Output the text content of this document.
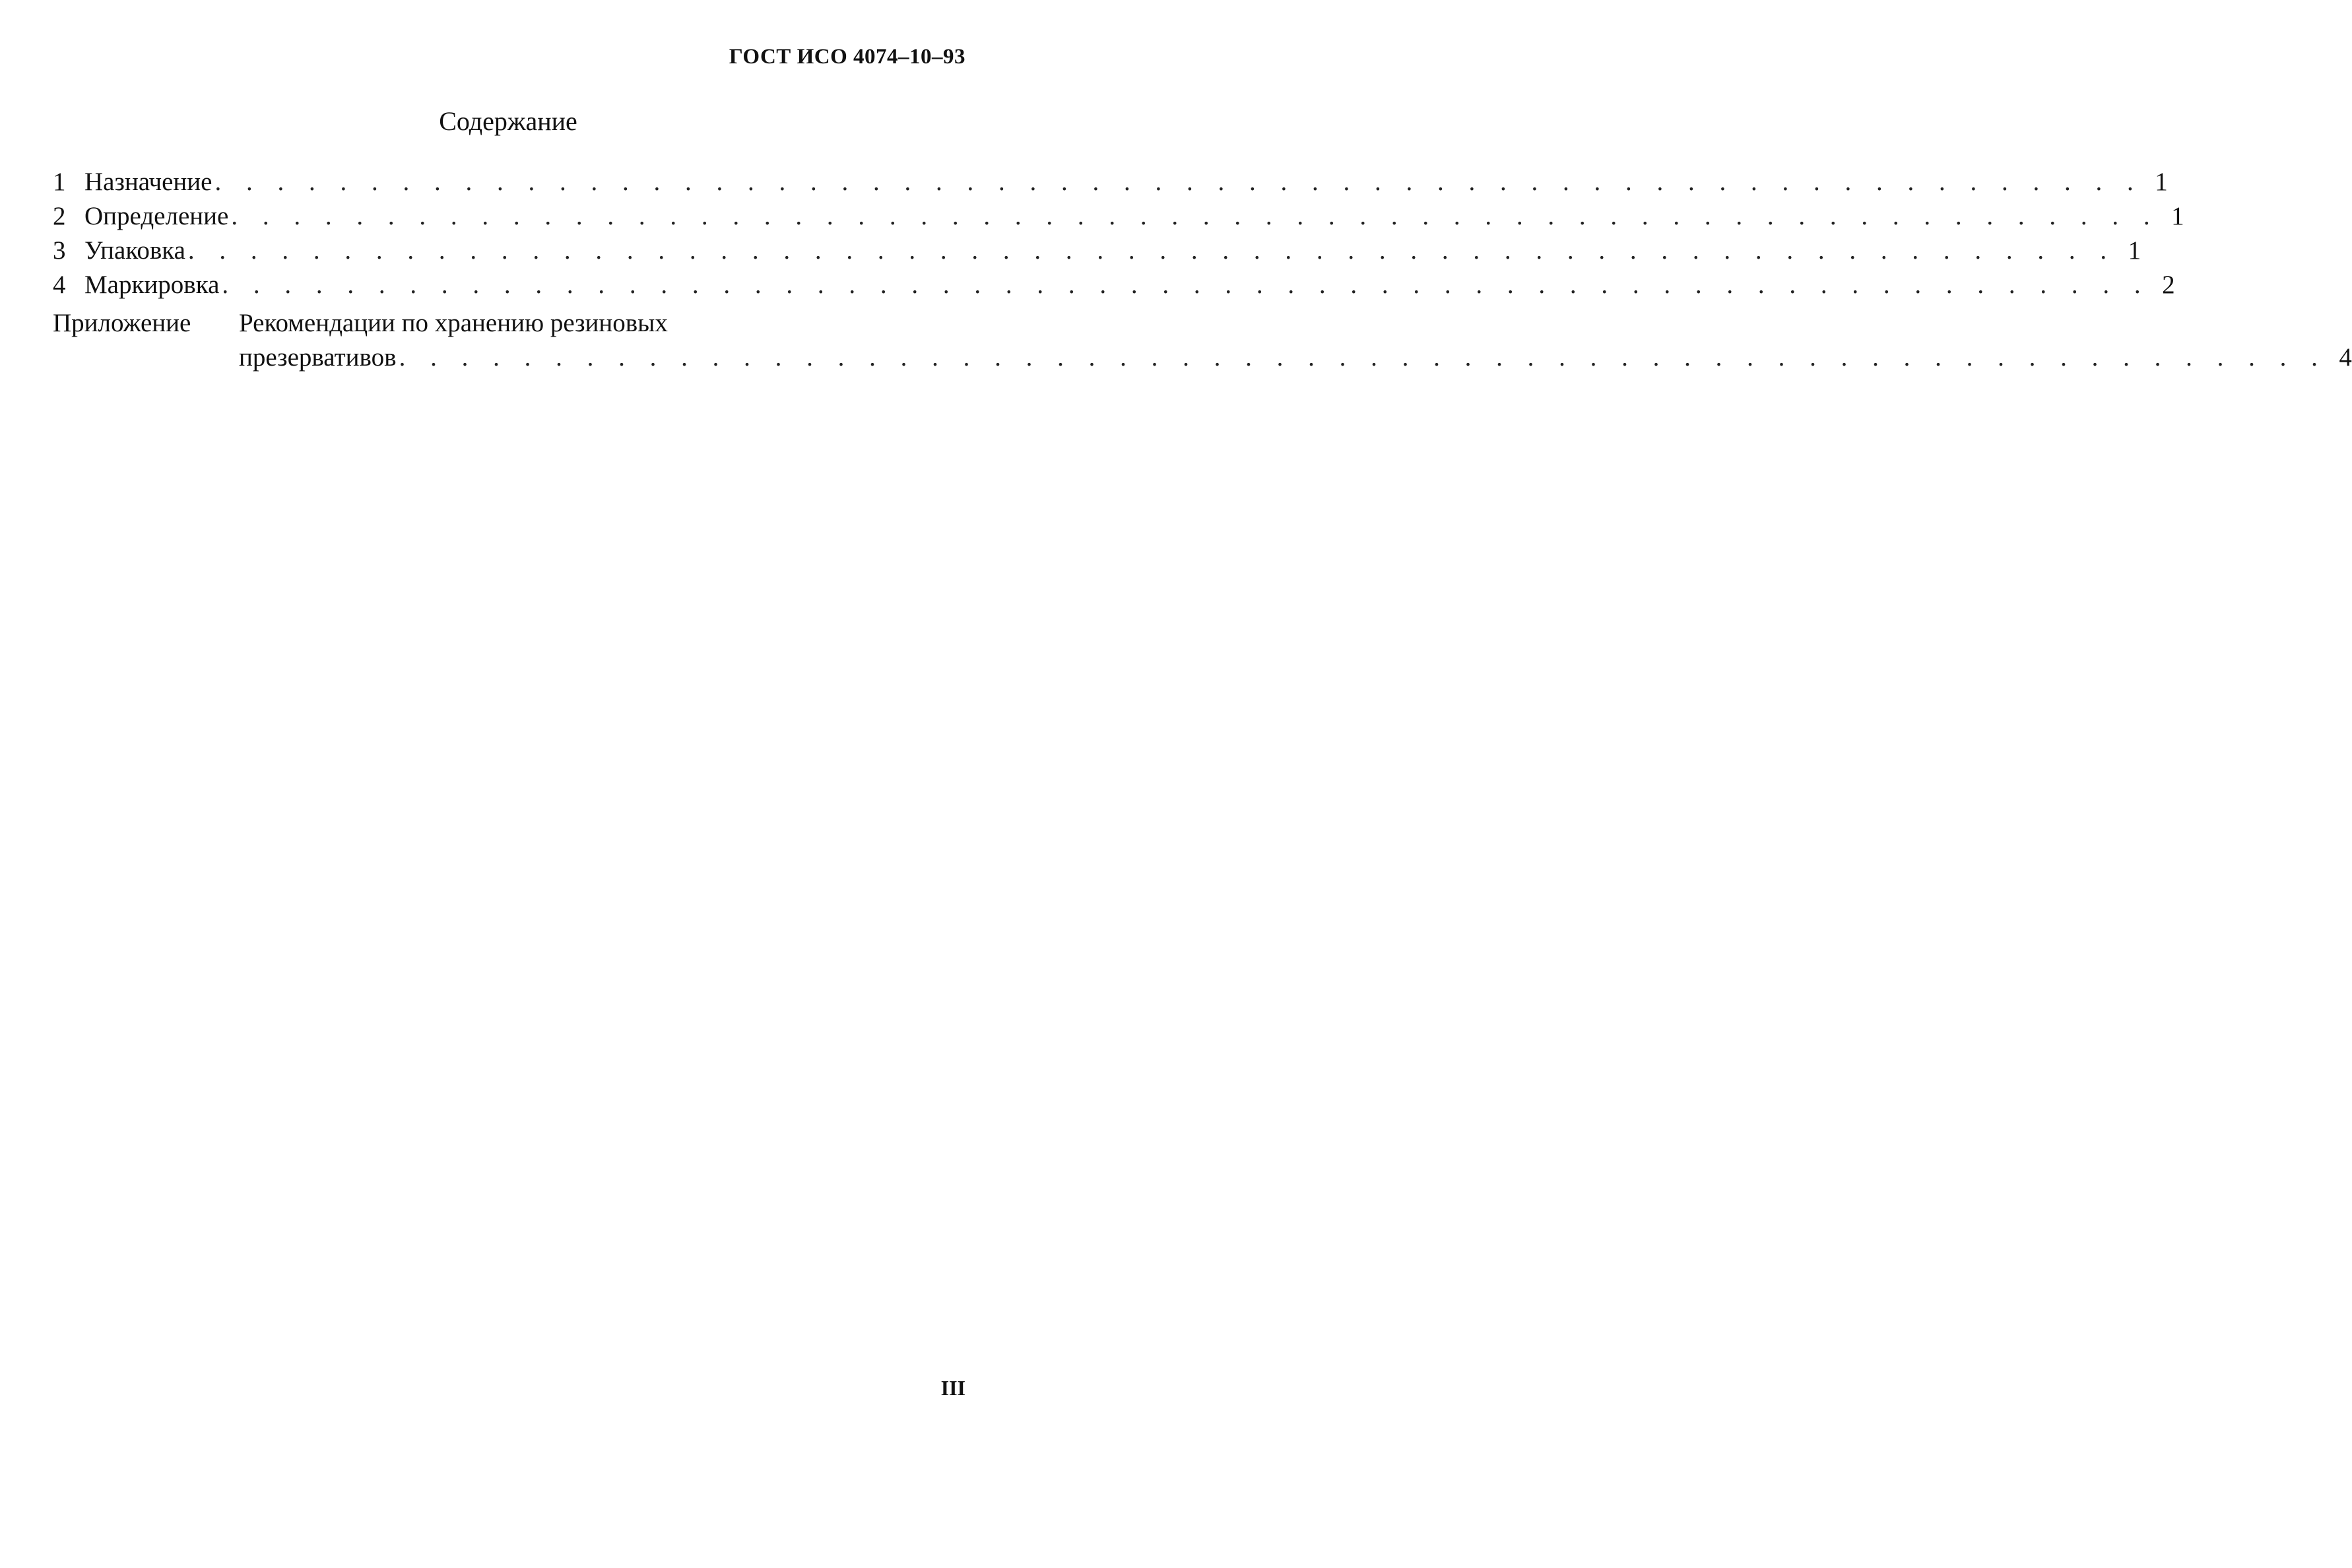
ГОСТ ИСО 4074–10–93
Содержание
1 Назначение . . . . . . . . . . . . . . . . . . . . . . . . . . . . . . . . . . . . . . . . . . . . . . . . . . . . . . . . . . . . . . 1
2 Определение . . . . . . . . . . . . . . . . . . . . . . . . . . . . . . . . . . . . . . . . . . . . . . . . . . . . . . . . . . . . . . 1
3 Упаковка . . . . . . . . . . . . . . . . . . . . . . . . . . . . . . . . . . . . . . . . . . . . . . . . . . . . . . . . . . . . . . 1
4 Маркировка . . . . . . . . . . . . . . . . . . . . . . . . . . . . . . . . . . . . . . . . . . . . . . . . . . . . . . . . . . . . . . 2
Приложение	Рекомендации по хранению резиновых
презервативов . . . . . . . . . . . . . . . . . . . . . . . . . . . . . . . . . . . . . . . . . . . . . . . . . . . . . . . . . . . . . . 4
III
